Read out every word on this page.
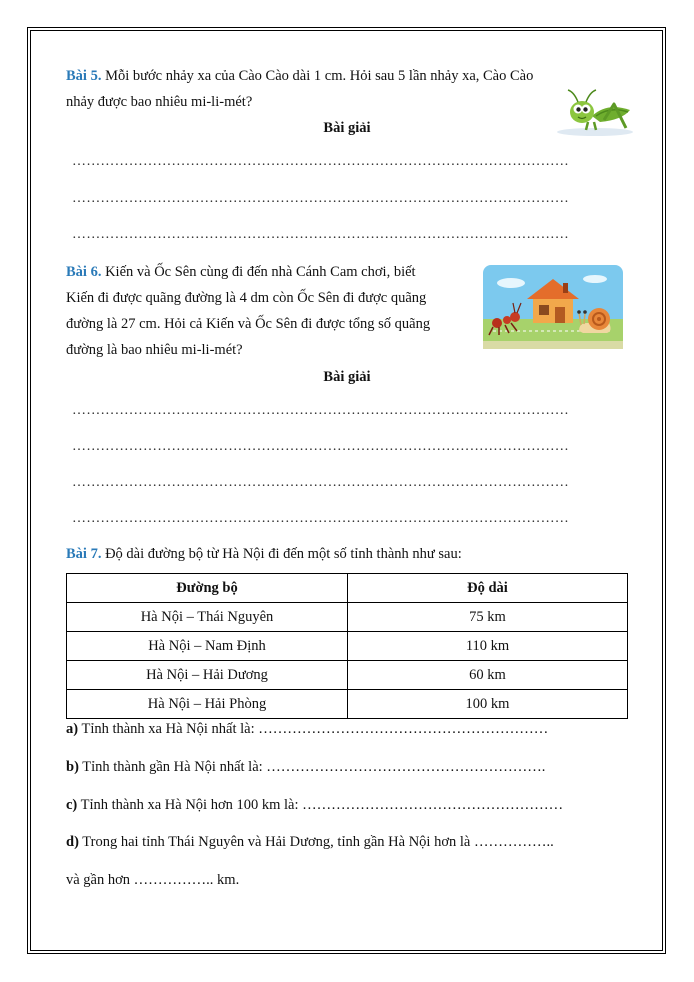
Bài 5. Mỗi bước nhảy xa của Cào Cào dài 1 cm. Hỏi sau 5 lần nhảy xa, Cào Cào
nhảy được bao nhiêu mi-li-mét?
Bài giải
……………………………………………………………………………………………
……………………………………………………………………………………………
……………………………………………………………………………………………
Bài 6. Kiến và Ốc Sên cùng đi đến nhà Cánh Cam chơi, biết
Kiến đi được quãng đường là 4 dm còn Ốc Sên đi được quãng
đường là 27 cm. Hỏi cả Kiến và Ốc Sên đi được tổng số quãng
đường là bao nhiêu mi-li-mét?
Bài giải
……………………………………………………………………………………………
……………………………………………………………………………………………
……………………………………………………………………………………………
……………………………………………………………………………………………
Bài 7. Độ dài đường bộ từ Hà Nội đi đến một số tỉnh thành như sau:
Đường bộ	Độ dài
Hà Nội – Thái Nguyên	75 km
Hà Nội – Nam Định	110 km
Hà Nội – Hải Dương	60 km
Hà Nội – Hải Phòng	100 km
a) Tỉnh thành xa Hà Nội nhất là: ……………………………………………………
b) Tỉnh thành gần Hà Nội nhất là: ………………………………………………….
c) Tỉnh thành xa Hà Nội hơn 100 km là: ………………………………………………
d) Trong hai tỉnh Thái Nguyên và Hải Dương, tỉnh gần Hà Nội hơn là ……………..
và gần hơn …………….. km.
